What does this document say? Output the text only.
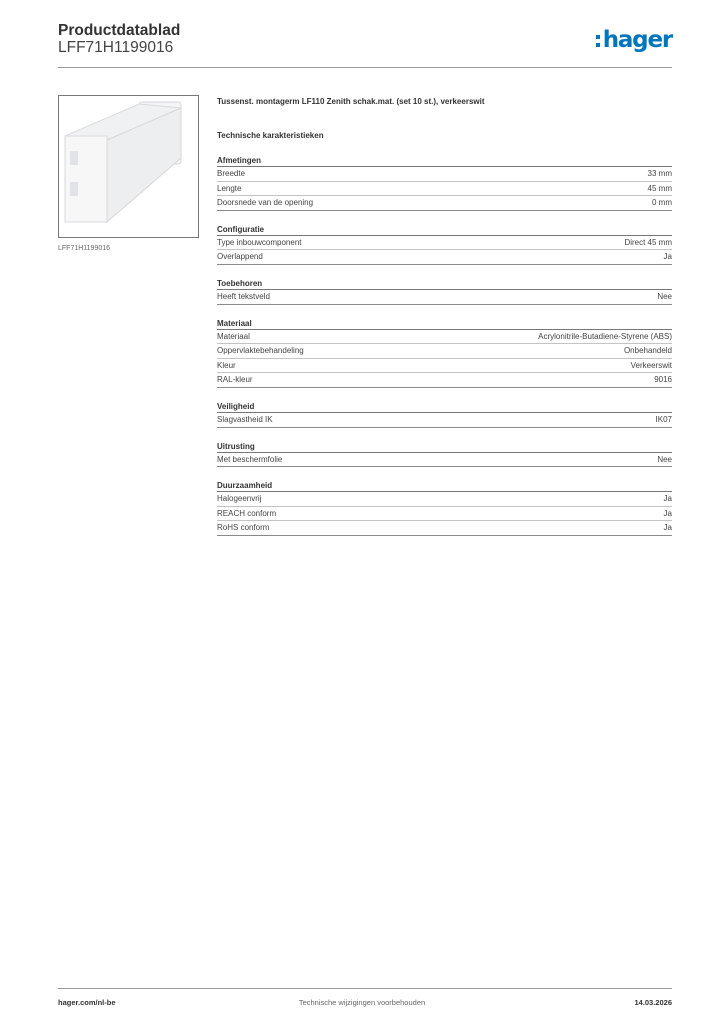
Productdatablad
LFF71H1199016	hager
LFF71H1199016
Tussenst. montagerm LF110 Zenith schak.mat. (set 10 st.), verkeerswit
Technische karakteristieken
Afmetingen
Breedte	33 mm
Lengte	45 mm
Doorsnede van de opening	0 mm
Configuratie
Type inbouwcomponent	Direct 45 mm
Overlappend	Ja
Toebehoren
Heeft tekstveld	Nee
Materiaal
Materiaal	Acrylonitrile-Butadiene-Styrene (ABS)
Oppervlaktebehandeling	Onbehandeld
Kleur	Verkeerswit
RAL-kleur	9016
Veiligheid
Slagvastheid IK	IK07
Uitrusting
Met beschermfolie	Nee
Duurzaamheid
Halogeenvrij	Ja
REACH conform	Ja
RoHS conform	Ja
hager.com/nl-be	Technische wijzigingen voorbehouden	14.03.2026
